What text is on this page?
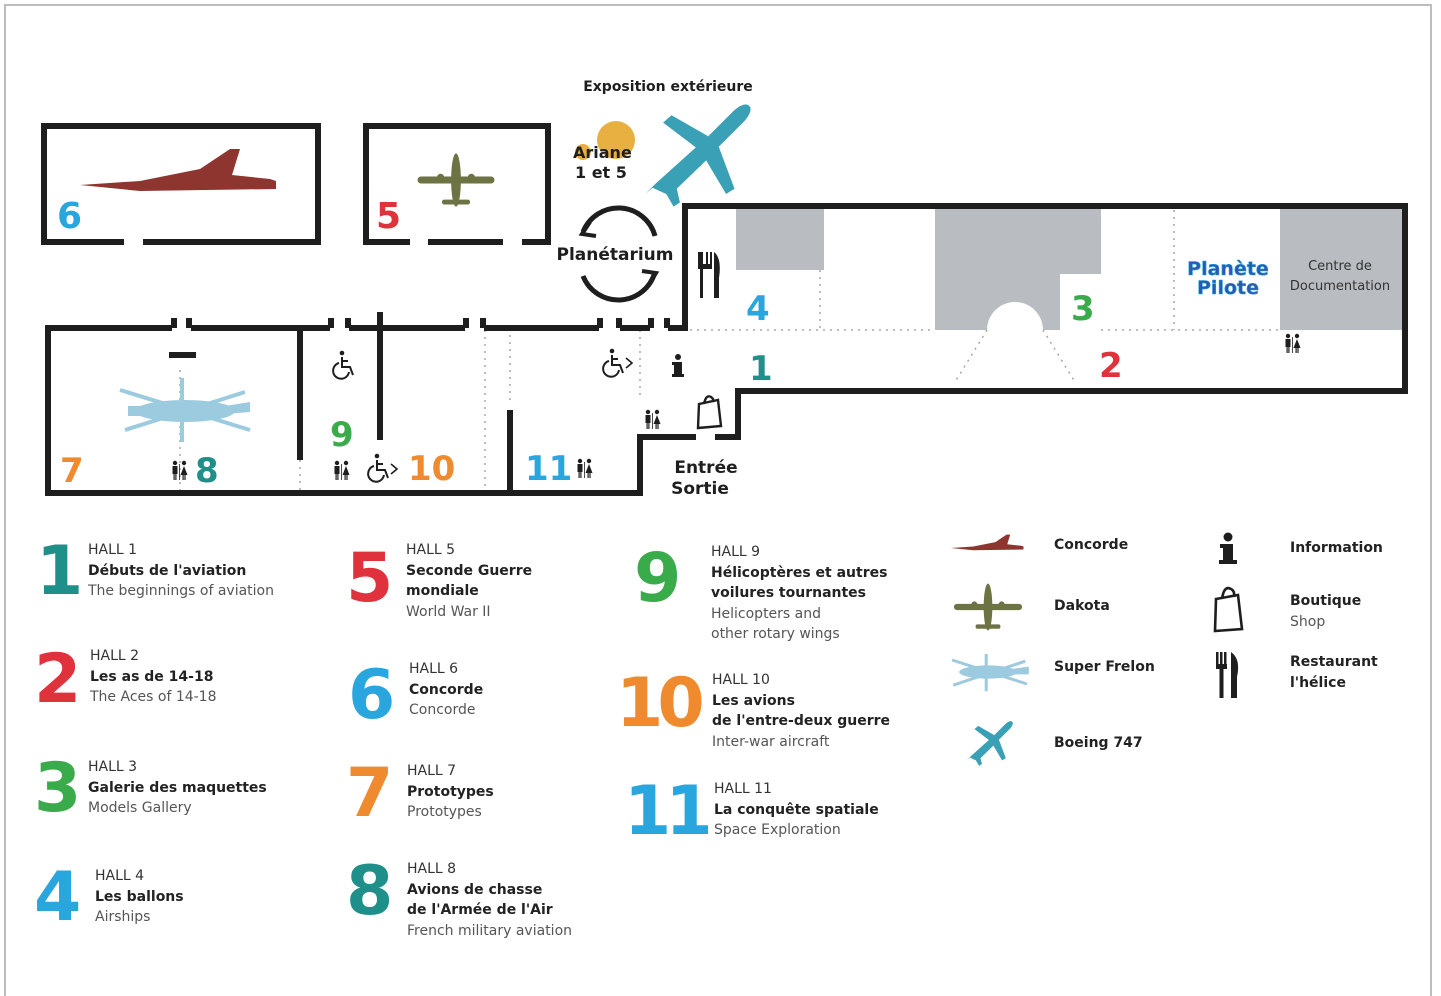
Exposition extérieure
Ariane
1 et 5
Planétarium
6	5
Planète
Pilote
Centre de
Documentation
Entrée
Sortie
4
1
3
2
7	8
9
10 11
1 HALL 1
Débuts de l'aviation
The beginnings of aviation
2 HALL 2
Les as de 14-18
The Aces of 14-18
3 HALL 3
Galerie des maquettes
Models Gallery
4 HALL 4
Les ballons
Airships
5 HALL 5
Seconde Guerre
mondiale
World War II
6 HALL 6
Concorde
Concorde
7 HALL 7
Prototypes
Prototypes
8 HALL 8
Avions de chasse
de l'Armée de l'Air
French military aviation
9 HALL 9
Hélicoptères et autres
voilures tournantes
Helicopters and
other rotary wings
10 HALL 10
Les avions
de l'entre-deux guerre
Inter-war aircraft
11 HALL 11
La conquête spatiale
Space Exploration
Concorde
Dakota
Super Frelon
Boeing 747
Information
Boutique
Shop
Restaurant
l'hélice
